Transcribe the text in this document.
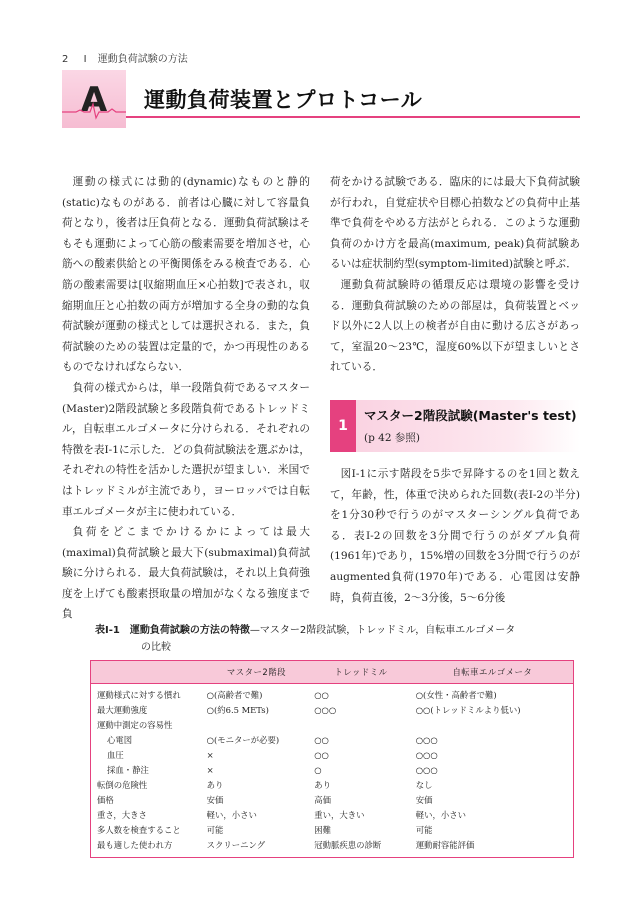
2 I 運動負荷試験の方法
A	運動負荷装置とプロトコール

運動の様式には動的(dynamic)なものと静的(static)なものがある．前者は心臓に対して容量負荷となり，後者は圧負荷となる．運動負荷試験はそもそも運動によって心筋の酸素需要を増加させ，心筋への酸素供給との平衡関係をみる検査である．心筋の酸素需要は[収縮期血圧×心拍数]で表され，収縮期血圧と心拍数の両方が増加する全身の動的な負荷試験が運動の様式としては選択される．また，負荷試験のための装置は定量的で，かつ再現性のあるものでなければならない．

負荷の様式からは，単一段階負荷であるマスター(Master)2階段試験と多段階負荷であるトレッドミル，自転車エルゴメータに分けられる．それぞれの特徴を表I-1に示した．どの負荷試験法を選ぶかは，それぞれの特性を活かした選択が望ましい．米国ではトレッドミルが主流であり，ヨーロッパでは自転車エルゴメータが主に使われている．

負荷をどこまでかけるかによっては最大(maximal)負荷試験と最大下(submaximal)負荷試験に分けられる．最大負荷試験は，それ以上負荷強度を上げても酸素摂取量の増加がなくなる強度まで負

荷をかける試験である．臨床的には最大下負荷試験が行われ，自覚症状や目標心拍数などの負荷中止基準で負荷をやめる方法がとられる．このような運動負荷のかけ方を最高(maximum, peak)負荷試験あるいは症状制約型(symptom-limited)試験と呼ぶ．

運動負荷試験時の循環反応は環境の影響を受ける．運動負荷試験のための部屋は，負荷装置とベッド以外に2人以上の検者が自由に動ける広さがあって，室温20〜23℃，湿度60%以下が望ましいとされている．

1
マスター2階段試験(Master's test)
(p 42 参照)

図I-1に示す階段を5歩で昇降するのを1回と数えて，年齢，性，体重で決められた回数(表I-2の半分)を1分30秒で行うのがマスターシングル負荷である．表I-2の回数を3分間で行うのがダブル負荷(1961年)であり，15%増の回数を3分間で行うのがaugmented負荷(1970年)である．心電図は安静時，負荷直後，2〜3分後，5〜6分後

表I-1 運動負荷試験の方法の特徴—マスター2階段試験，トレッドミル，自転車エルゴメータ
の比較
	マスター2階段	トレッドミル	自転車エルゴメータ
運動様式に対する慣れ	○(高齢者で難)	○○	○(女性・高齢者で難)
最大運動強度	○(約6.5 METs)	○○○	○○(トレッドミルより低い)
運動中測定の容易性			
心電図	○(モニターが必要)	○○	○○○
血圧	×	○○	○○○
採血・静注	×	○	○○○
転倒の危険性	あり	あり	なし
価格	安価	高価	安価
重さ，大きさ	軽い，小さい	重い，大きい	軽い，小さい
多人数を検査すること	可能	困難	可能
最も適した使われ方	スクリーニング	冠動脈疾患の診断	運動耐容能評価
